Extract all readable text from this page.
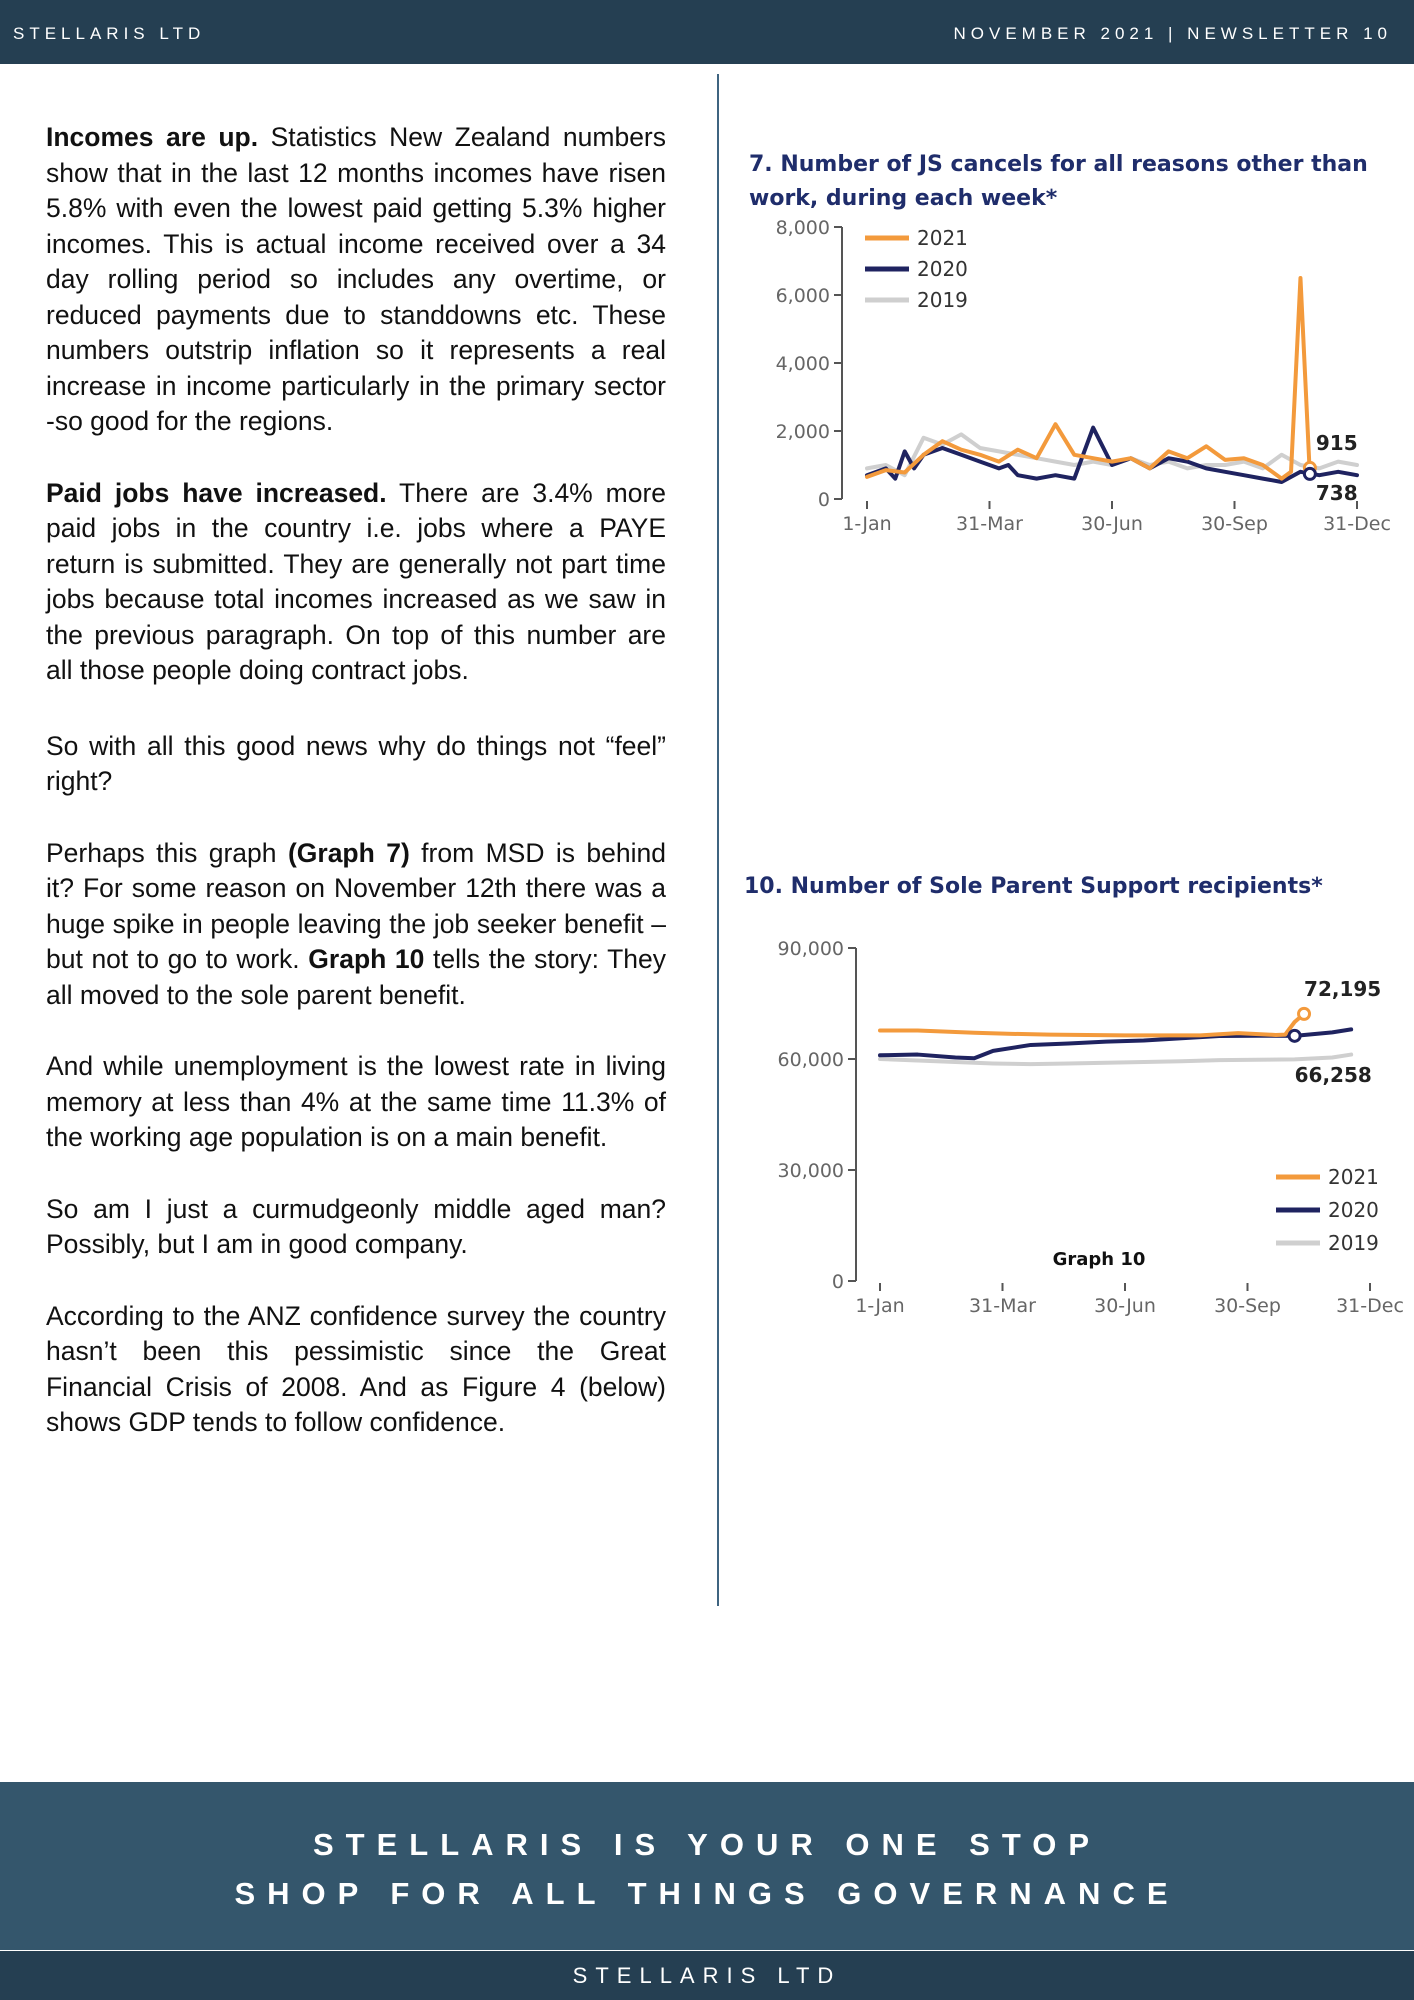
STELLARIS LTD	NOVEMBER 2021 | NEWSLETTER 10

Incomes are up. Statistics New Zealand numbers show that in the last 12 months incomes have risen 5.8% with even the lowest paid getting 5.3% higher incomes. This is actual income received over a 34 day rolling period so includes any overtime, or reduced payments due to standdowns etc. These numbers outstrip inflation so it represents a real increase in income particularly in the primary sector -so good for the regions.

Paid jobs have increased. There are 3.4% more paid jobs in the country i.e. jobs where a PAYE return is submitted. They are generally not part time jobs because total incomes increased as we saw in the previous paragraph. On top of this number are all those people doing contract jobs.

So with all this good news why do things not “feel” right?

Perhaps this graph (Graph 7) from MSD is behind it? For some reason on November 12th there was a huge spike in people leaving the job seeker benefit – but not to go to work. Graph 10 tells the story: They all moved to the sole parent benefit.

And while unemployment is the lowest rate in living memory at less than 4% at the same time 11.3% of the working age population is on a main benefit.

So am I just a curmudgeonly middle aged man? Possibly, but I am in good company.

According to the ANZ confidence survey the country hasn’t been this pessimistic since the Great Financial Crisis of 2008. And as Figure 4 (below) shows GDP tends to follow confidence.

7. Number of JS cancels for all reasons other than
work, during each week*
8,000
6,000
4,000
2,000
0
1-Jan	31-Mar	30-Jun	30-Sep	31-Dec
2021
2020
2019
915
738
10. Number of Sole Parent Support recipients*
90,000
60,000
30,000
0
1-Jan	31-Mar	30-Jun	30-Sep	31-Dec
2021
2020
2019
72,195
66,258
Graph 10
STELLARIS IS YOUR ONE STOP
SHOP FOR ALL THINGS GOVERNANCE
STELLARIS LTD
